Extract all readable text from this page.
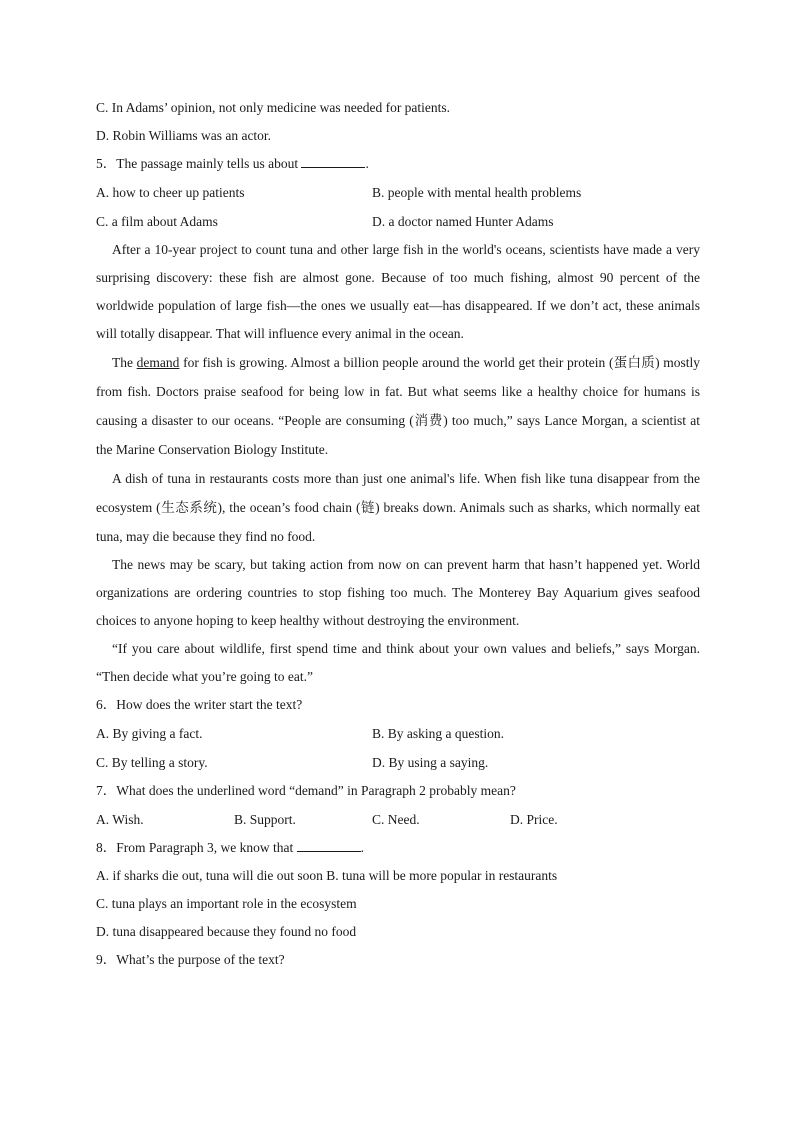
C. In Adams’ opinion, not only medicine was needed for patients.
D. Robin Williams was an actor.
5．The passage mainly tells us about	.
A. how to cheer up patients	B. people with mental health problems
C. a film about Adams	D. a doctor named Hunter Adams
After a 10-year project to count tuna and other large fish in the world's oceans, scientists have made a very surprising discovery: these fish are almost gone. Because of too much fishing, almost 90 percent of the worldwide population of large fish—the ones we usually eat—has disappeared. If we don’t act, these animals will totally disappear. That will influence every animal in the ocean.
The demand for fish is growing. Almost a billion people around the world get their protein (蛋白质) mostly from fish. Doctors praise seafood for being low in fat. But what seems like a healthy choice for humans is causing a disaster to our oceans. “People are consuming (消费) too much,” says Lance Morgan, a scientist at the Marine Conservation Biology Institute.
A dish of tuna in restaurants costs more than just one animal's life. When fish like tuna disappear from the ecosystem (生态系统), the ocean’s food chain (链) breaks down. Animals such as sharks, which normally eat tuna, may die because they find no food.
The news may be scary, but taking action from now on can prevent harm that hasn’t happened yet. World organizations are ordering countries to stop fishing too much. The Monterey Bay Aquarium gives seafood choices to anyone hoping to keep healthy without destroying the environment.
“If you care about wildlife, first spend time and think about your own values and beliefs,” says Morgan. “Then decide what you’re going to eat.”
6．How does the writer start the text?
A. By giving a fact.	B. By asking a question.
C. By telling a story.	D. By using a saying.
7．What does the underlined word “demand” in Paragraph 2 probably mean?
A. Wish.	B. Support.	C. Need.	D. Price.
8．From Paragraph 3, we know that	.
A. if sharks die out, tuna will die out soon B. tuna will be more popular in restaurants
C. tuna plays an important role in the ecosystem
D. tuna disappeared because they found no food
9．What’s the purpose of the text?
